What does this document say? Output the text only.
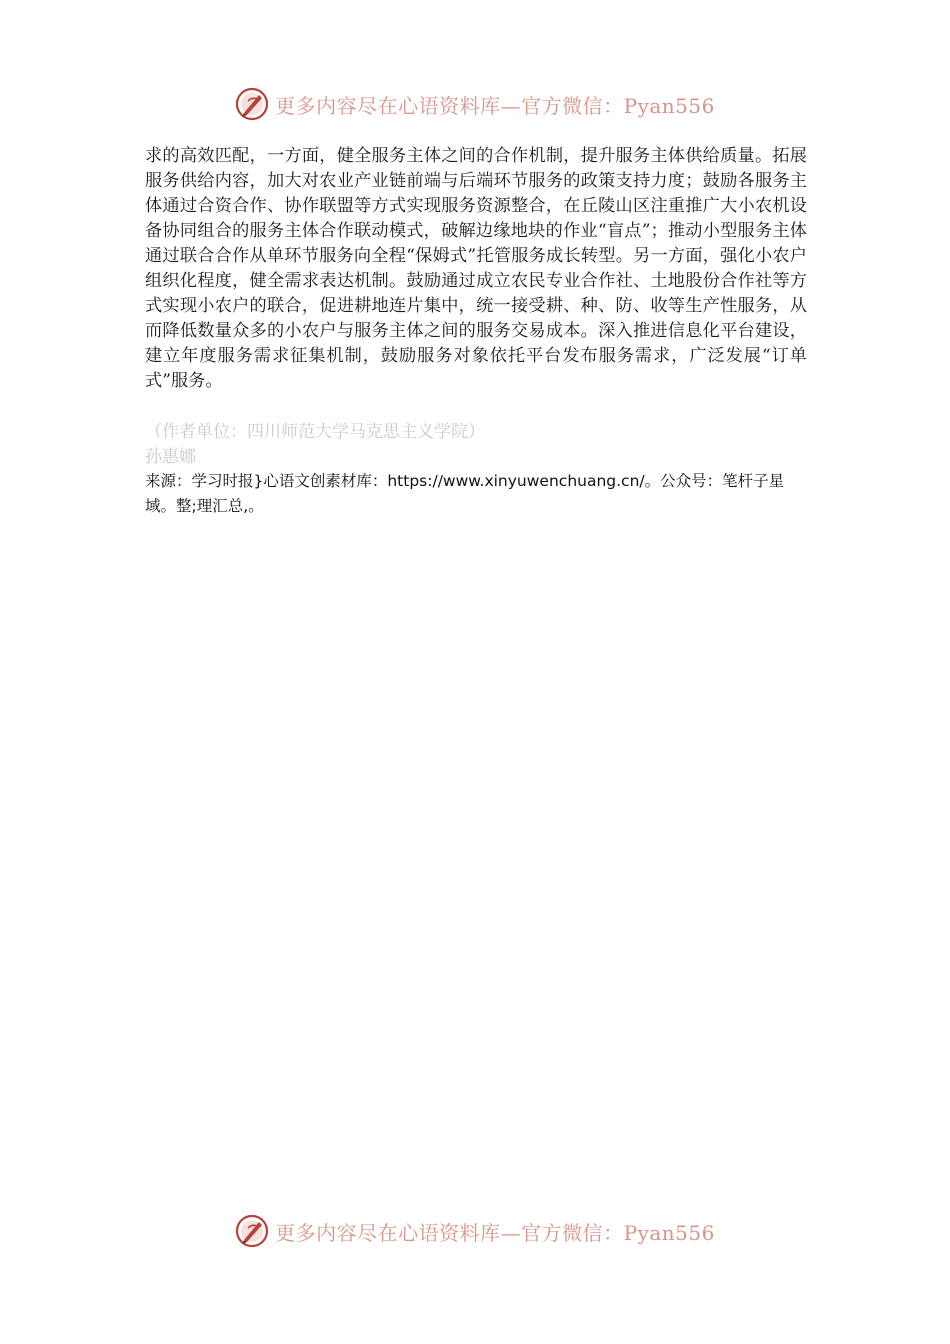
更多内容尽在心语资料库—官方微信：Pyan556

求的高效匹配，一方面，健全服务主体之间的合作机制，提升服务主体供给质量。拓展服务供给内容，加大对农业产业链前端与后端环节服务的政策支持力度；鼓励各服务主体通过合资合作、协作联盟等方式实现服务资源整合，在丘陵山区注重推广大小农机设备协同组合的服务主体合作联动模式，破解边缘地块的作业“盲点”；推动小型服务主体通过联合合作从单环节服务向全程“保姆式”托管服务成长转型。另一方面，强化小农户组织化程度，健全需求表达机制。鼓励通过成立农民专业合作社、土地股份合作社等方式实现小农户的联合，促进耕地连片集中，统一接受耕、种、防、收等生产性服务，从而降低数量众多的小农户与服务主体之间的服务交易成本。深入推进信息化平台建设，建立年度服务需求征集机制，鼓励服务对象依托平台发布服务需求，广泛发展“订单式”服务。

（作者单位：四川师范大学马克思主义学院）
孙惠娜
来源：学习时报}心语文创素材库：https://www.xinyuwenchuang.cn/。公众号：笔杆子星域。整;理汇总,。
更多内容尽在心语资料库—官方微信：Pyan556
